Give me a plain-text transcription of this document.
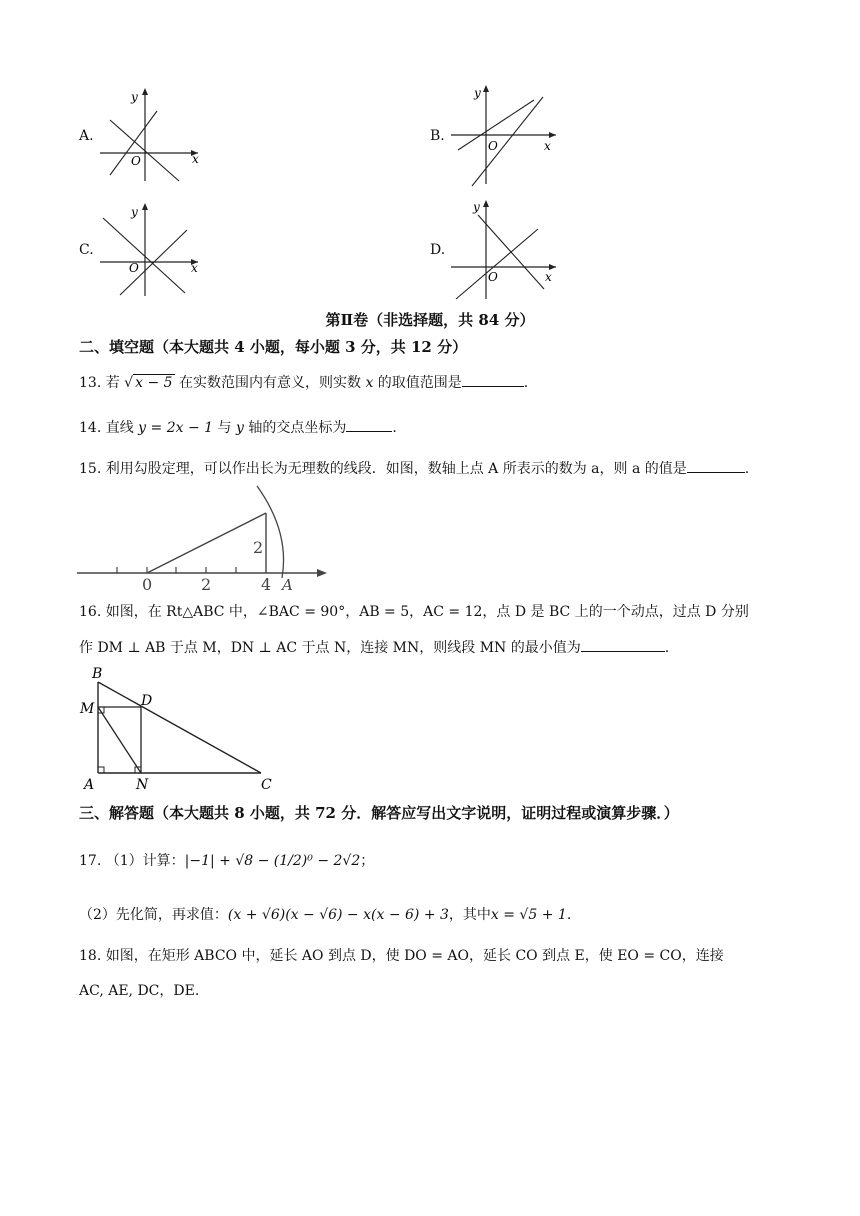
A.
y
x
O
B.
y
x
O
C.
y
x
O
D.
y
x
O
第Ⅱ卷（非选择题，共 84 分）
二、填空题（本大题共 4 小题，每小题 3 分，共 12 分）
13. 若 √ x − 5 在实数范围内有意义，则实数 x 的取值范围是	.
14. 直线 y = 2x − 1 与 y 轴的交点坐标为	.
15. 利用勾股定理，可以作出长为无理数的线段．如图，数轴上点 A 所表示的数为 a，则 a 的值是	.
0	2	4 A
2
16. 如图，在 Rt△ABC 中，∠BAC = 90°，AB = 5，AC = 12，点 D 是 BC 上的一个动点，过点 D 分别
作 DM ⊥ AB 于点 M，DN ⊥ AC 于点 N，连接 MN，则线段 MN 的最小值为	.
B
D
M
A	N	C
三、解答题（本大题共 8 小题，共 72 分．解答应写出文字说明，证明过程或演算步骤．）
17. （1）计算：|−1| + √8 − (1/2)⁰ − 2√2；
（2）先化简，再求值：(x + √6)(x − √6) − x(x − 6) + 3，其中x = √5 + 1.
18. 如图，在矩形 ABCO 中，延长 AO 到点 D，使 DO = AO，延长 CO 到点 E，使 EO = CO，连接
AC, AE, DC，DE.
